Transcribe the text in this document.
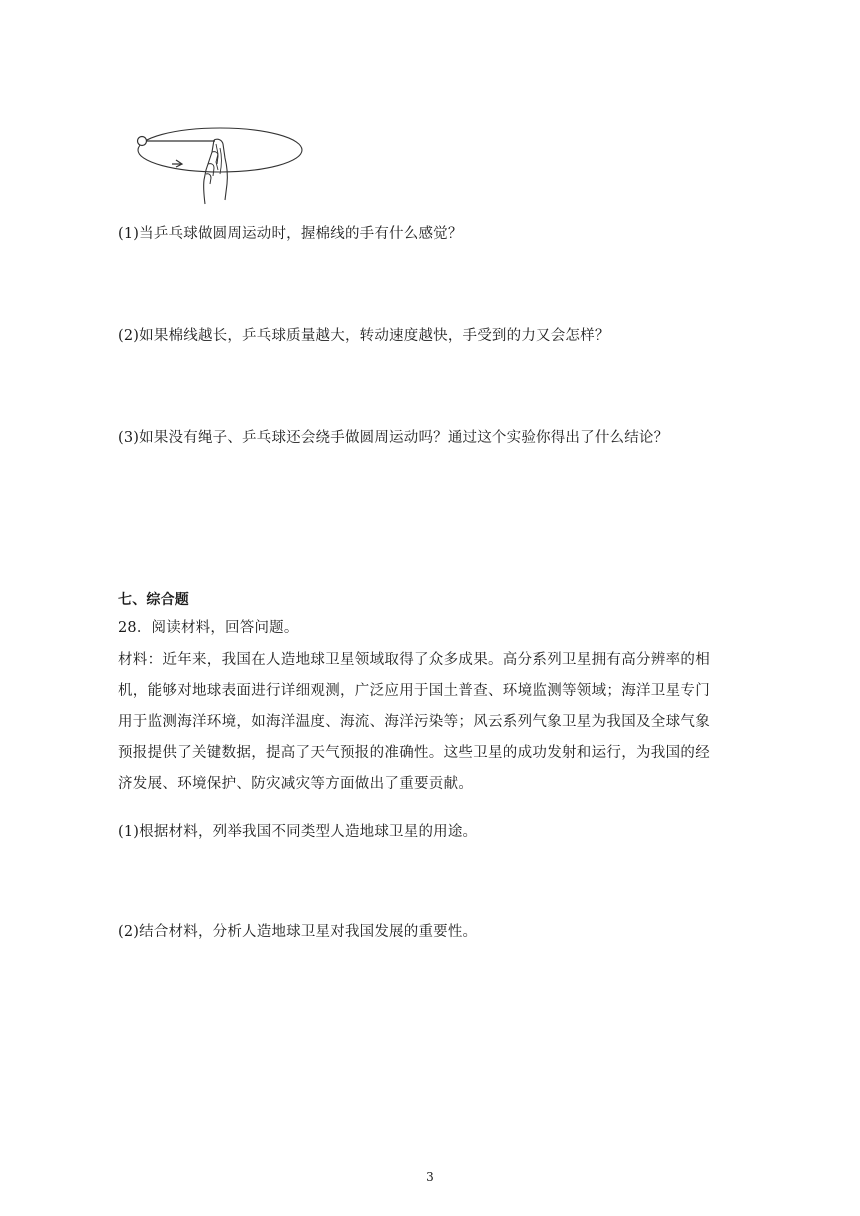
(1)当乒乓球做圆周运动时，握棉线的手有什么感觉？
(2)如果棉线越长，乒乓球质量越大，转动速度越快，手受到的力又会怎样？
(3)如果没有绳子、乒乓球还会绕手做圆周运动吗？通过这个实验你得出了什么结论？
七、综合题
28．阅读材料，回答问题。
材料：近年来，我国在人造地球卫星领域取得了众多成果。高分系列卫星拥有高分辨率的相
机，能够对地球表面进行详细观测，广泛应用于国土普查、环境监测等领域；海洋卫星专门
用于监测海洋环境，如海洋温度、海流、海洋污染等；风云系列气象卫星为我国及全球气象
预报提供了关键数据，提高了天气预报的准确性。这些卫星的成功发射和运行，为我国的经
济发展、环境保护、防灾减灾等方面做出了重要贡献。
(1)根据材料，列举我国不同类型人造地球卫星的用途。
(2)结合材料，分析人造地球卫星对我国发展的重要性。
3
